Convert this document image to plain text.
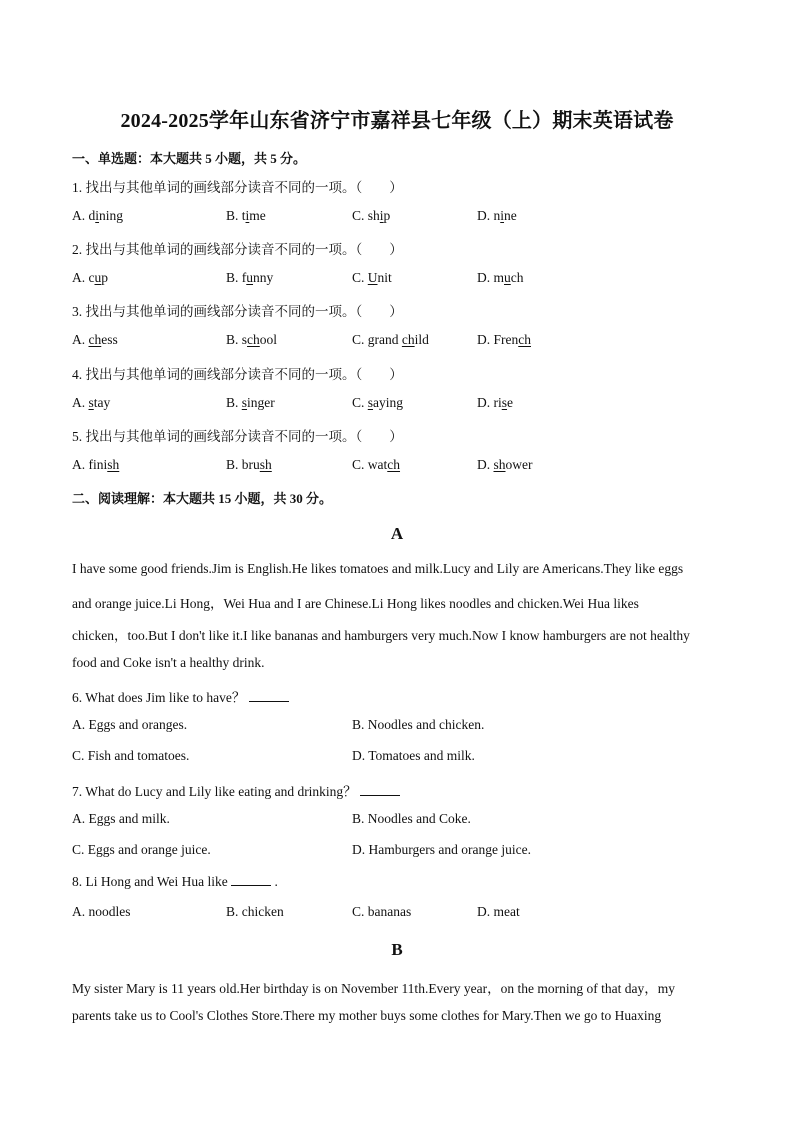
2024-2025学年山东省济宁市嘉祥县七年级（上）期末英语试卷
一、单选题：本大题共 5 小题，共 5 分。
1. 找出与其他单词的画线部分读音不同的一项。（　　）
A. dining	B. time	C. ship	D. nine
2. 找出与其他单词的画线部分读音不同的一项。（　　）
A. cup	B. funny	C. Unit	D. much
3. 找出与其他单词的画线部分读音不同的一项。（　　）
A. chess	B. school	C. grand child	D. French
4. 找出与其他单词的画线部分读音不同的一项。（　　）
A. stay	B. singer	C. saying	D. rise
5. 找出与其他单词的画线部分读音不同的一项。（　　）
A. finish	B. brush	C. watch	D. shower
二、阅读理解：本大题共 15 小题，共 30 分。
A
I have some good friends.Jim is English.He likes tomatoes and milk.Lucy and Lily are Americans.They like eggs
and orange juice.Li Hong，Wei Hua and I are Chinese.Li Hong likes noodles and chicken.Wei Hua likes
chicken，too.But I don't like it.I like bananas and hamburgers very much.Now I know hamburgers are not healthy
food and Coke isn't a healthy drink.
6. What does Jim like to have？
A. Eggs and oranges.	B. Noodles and chicken.
C. Fish and tomatoes.	D. Tomatoes and milk.
7. What do Lucy and Lily like eating and drinking？
A. Eggs and milk.	B. Noodles and Coke.
C. Eggs and orange juice.	D. Hamburgers and orange juice.
8. Li Hong and Wei Hua like	.
A. noodles	B. chicken	C. bananas	D. meat
B
My sister Mary is 11 years old.Her birthday is on November 11th.Every year，on the morning of that day，my
parents take us to Cool's Clothes Store.There my mother buys some clothes for Mary.Then we go to Huaxing
